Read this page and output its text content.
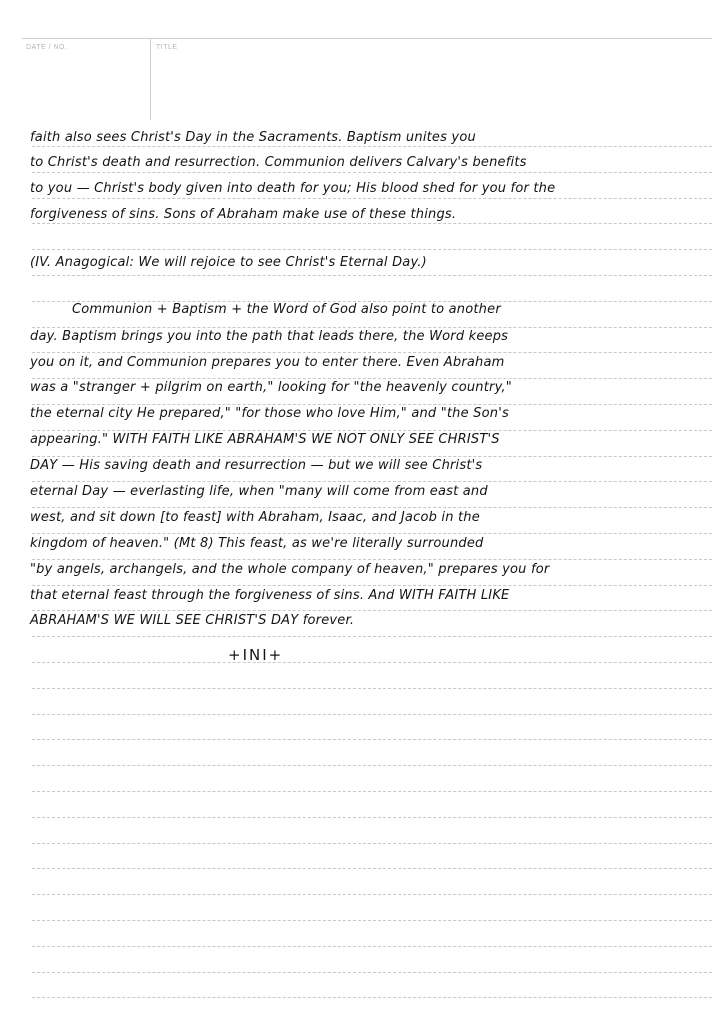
DATE / NO.	TITLE
faith also sees Christ's Day in the Sacraments. Baptism unites you
to Christ's death and resurrection. Communion delivers Calvary's benefits
to you — Christ's body given into death for you; His blood shed for you for the
forgiveness of sins. Sons of Abraham make use of these things.
(IV. Anagogical: We will rejoice to see Christ's Eternal Day.)
Communion + Baptism + the Word of God also point to another
day. Baptism brings you into the path that leads there, the Word keeps
you on it, and Communion prepares you to enter there. Even Abraham
was a "stranger + pilgrim on earth," looking for "the heavenly country,"
the eternal city He prepared," "for those who love Him," and "the Son's
appearing." WITH FAITH LIKE ABRAHAM'S WE NOT ONLY SEE CHRIST'S
DAY — His saving death and resurrection — but we will see Christ's
eternal Day — everlasting life, when "many will come from east and
west, and sit down [to feast] with Abraham, Isaac, and Jacob in the
kingdom of heaven." (Mt 8) This feast, as we're literally surrounded
"by angels, archangels, and the whole company of heaven," prepares you for
that eternal feast through the forgiveness of sins. And WITH FAITH LIKE
ABRAHAM'S WE WILL SEE CHRIST'S DAY forever.
+INI+
